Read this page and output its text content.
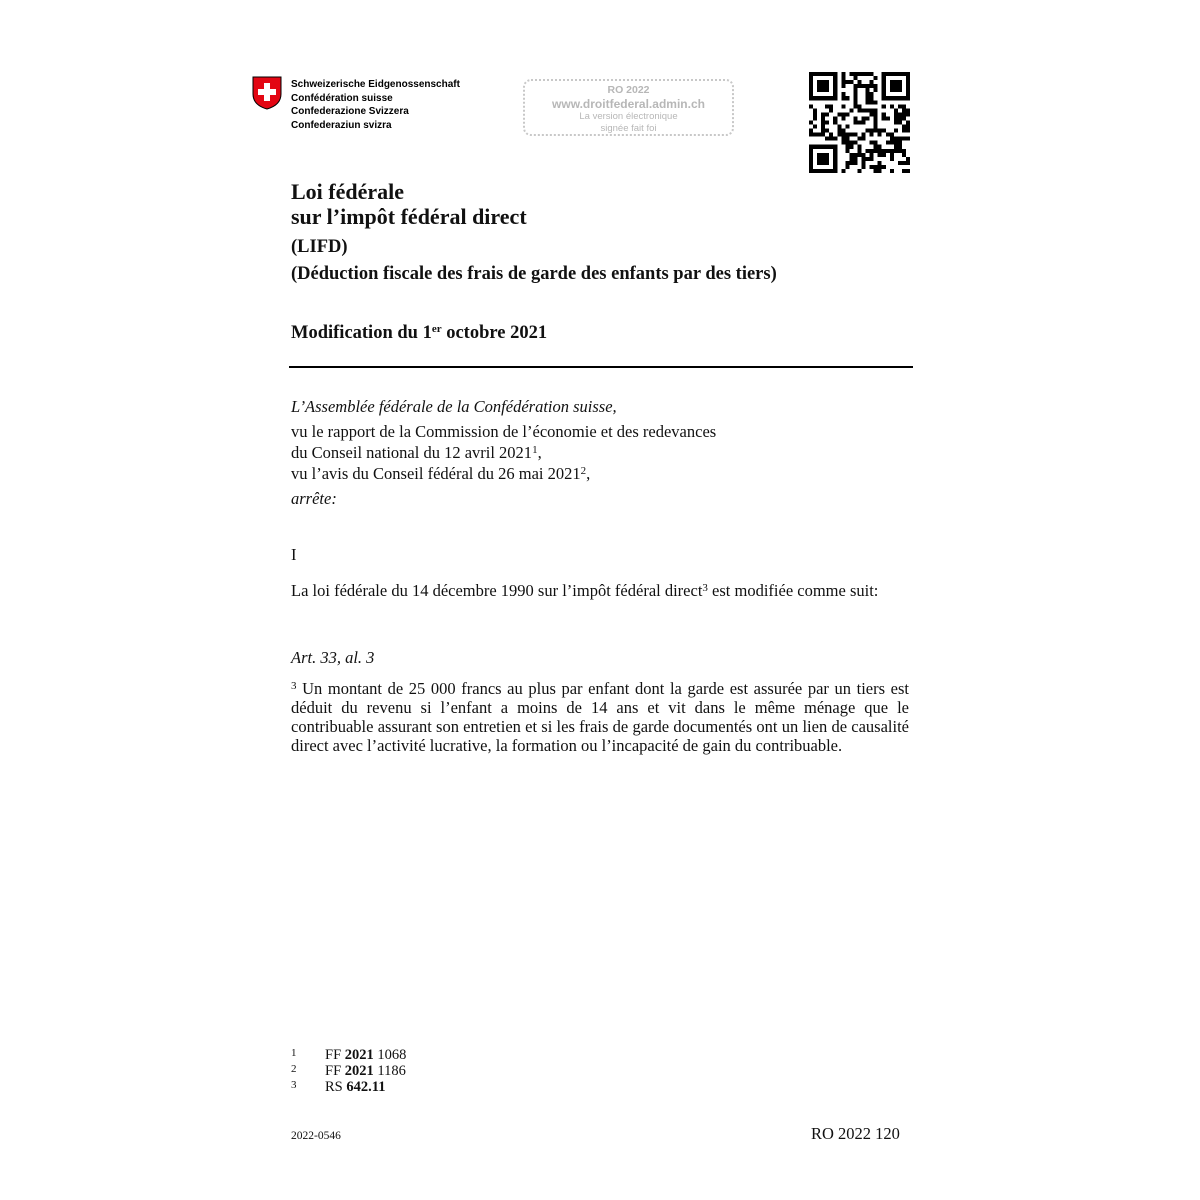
Schweizerische Eidgenossenschaft
Confédération suisse
Confederazione Svizzera
Confederaziun svizra
RO 2022
www.droitfederal.admin.ch
La version électronique
signée fait foi
Loi fédérale
sur l’impôt fédéral direct
(LIFD)
(Déduction fiscale des frais de garde des enfants par des tiers)
Modification du 1er octobre 2021
L’Assemblée fédérale de la Confédération suisse,
vu le rapport de la Commission de l’économie et des redevances
du Conseil national du 12 avril 2021$^1$,
vu l’avis du Conseil fédéral du 26 mai 2021$^2$,
arrête:
I
La loi fédérale du 14 décembre 1990 sur l’impôt fédéral direct$^3$ est modifiée comme suit:
Art. 33, al. 3
$^3$ Un montant de 25 000 francs au plus par enfant dont la garde est assurée par un tiers est déduit du revenu si l’enfant a moins de 14 ans et vit dans le même ménage que le contribuable assurant son entretien et si les frais de garde documentés ont un lien de causalité direct avec l’activité lucrative, la formation ou l’incapacité de gain du contribuable.
1	FF 2021 1068
2	FF 2021 1186
3	RS 642.11
2022-0546	RO 2022 120
